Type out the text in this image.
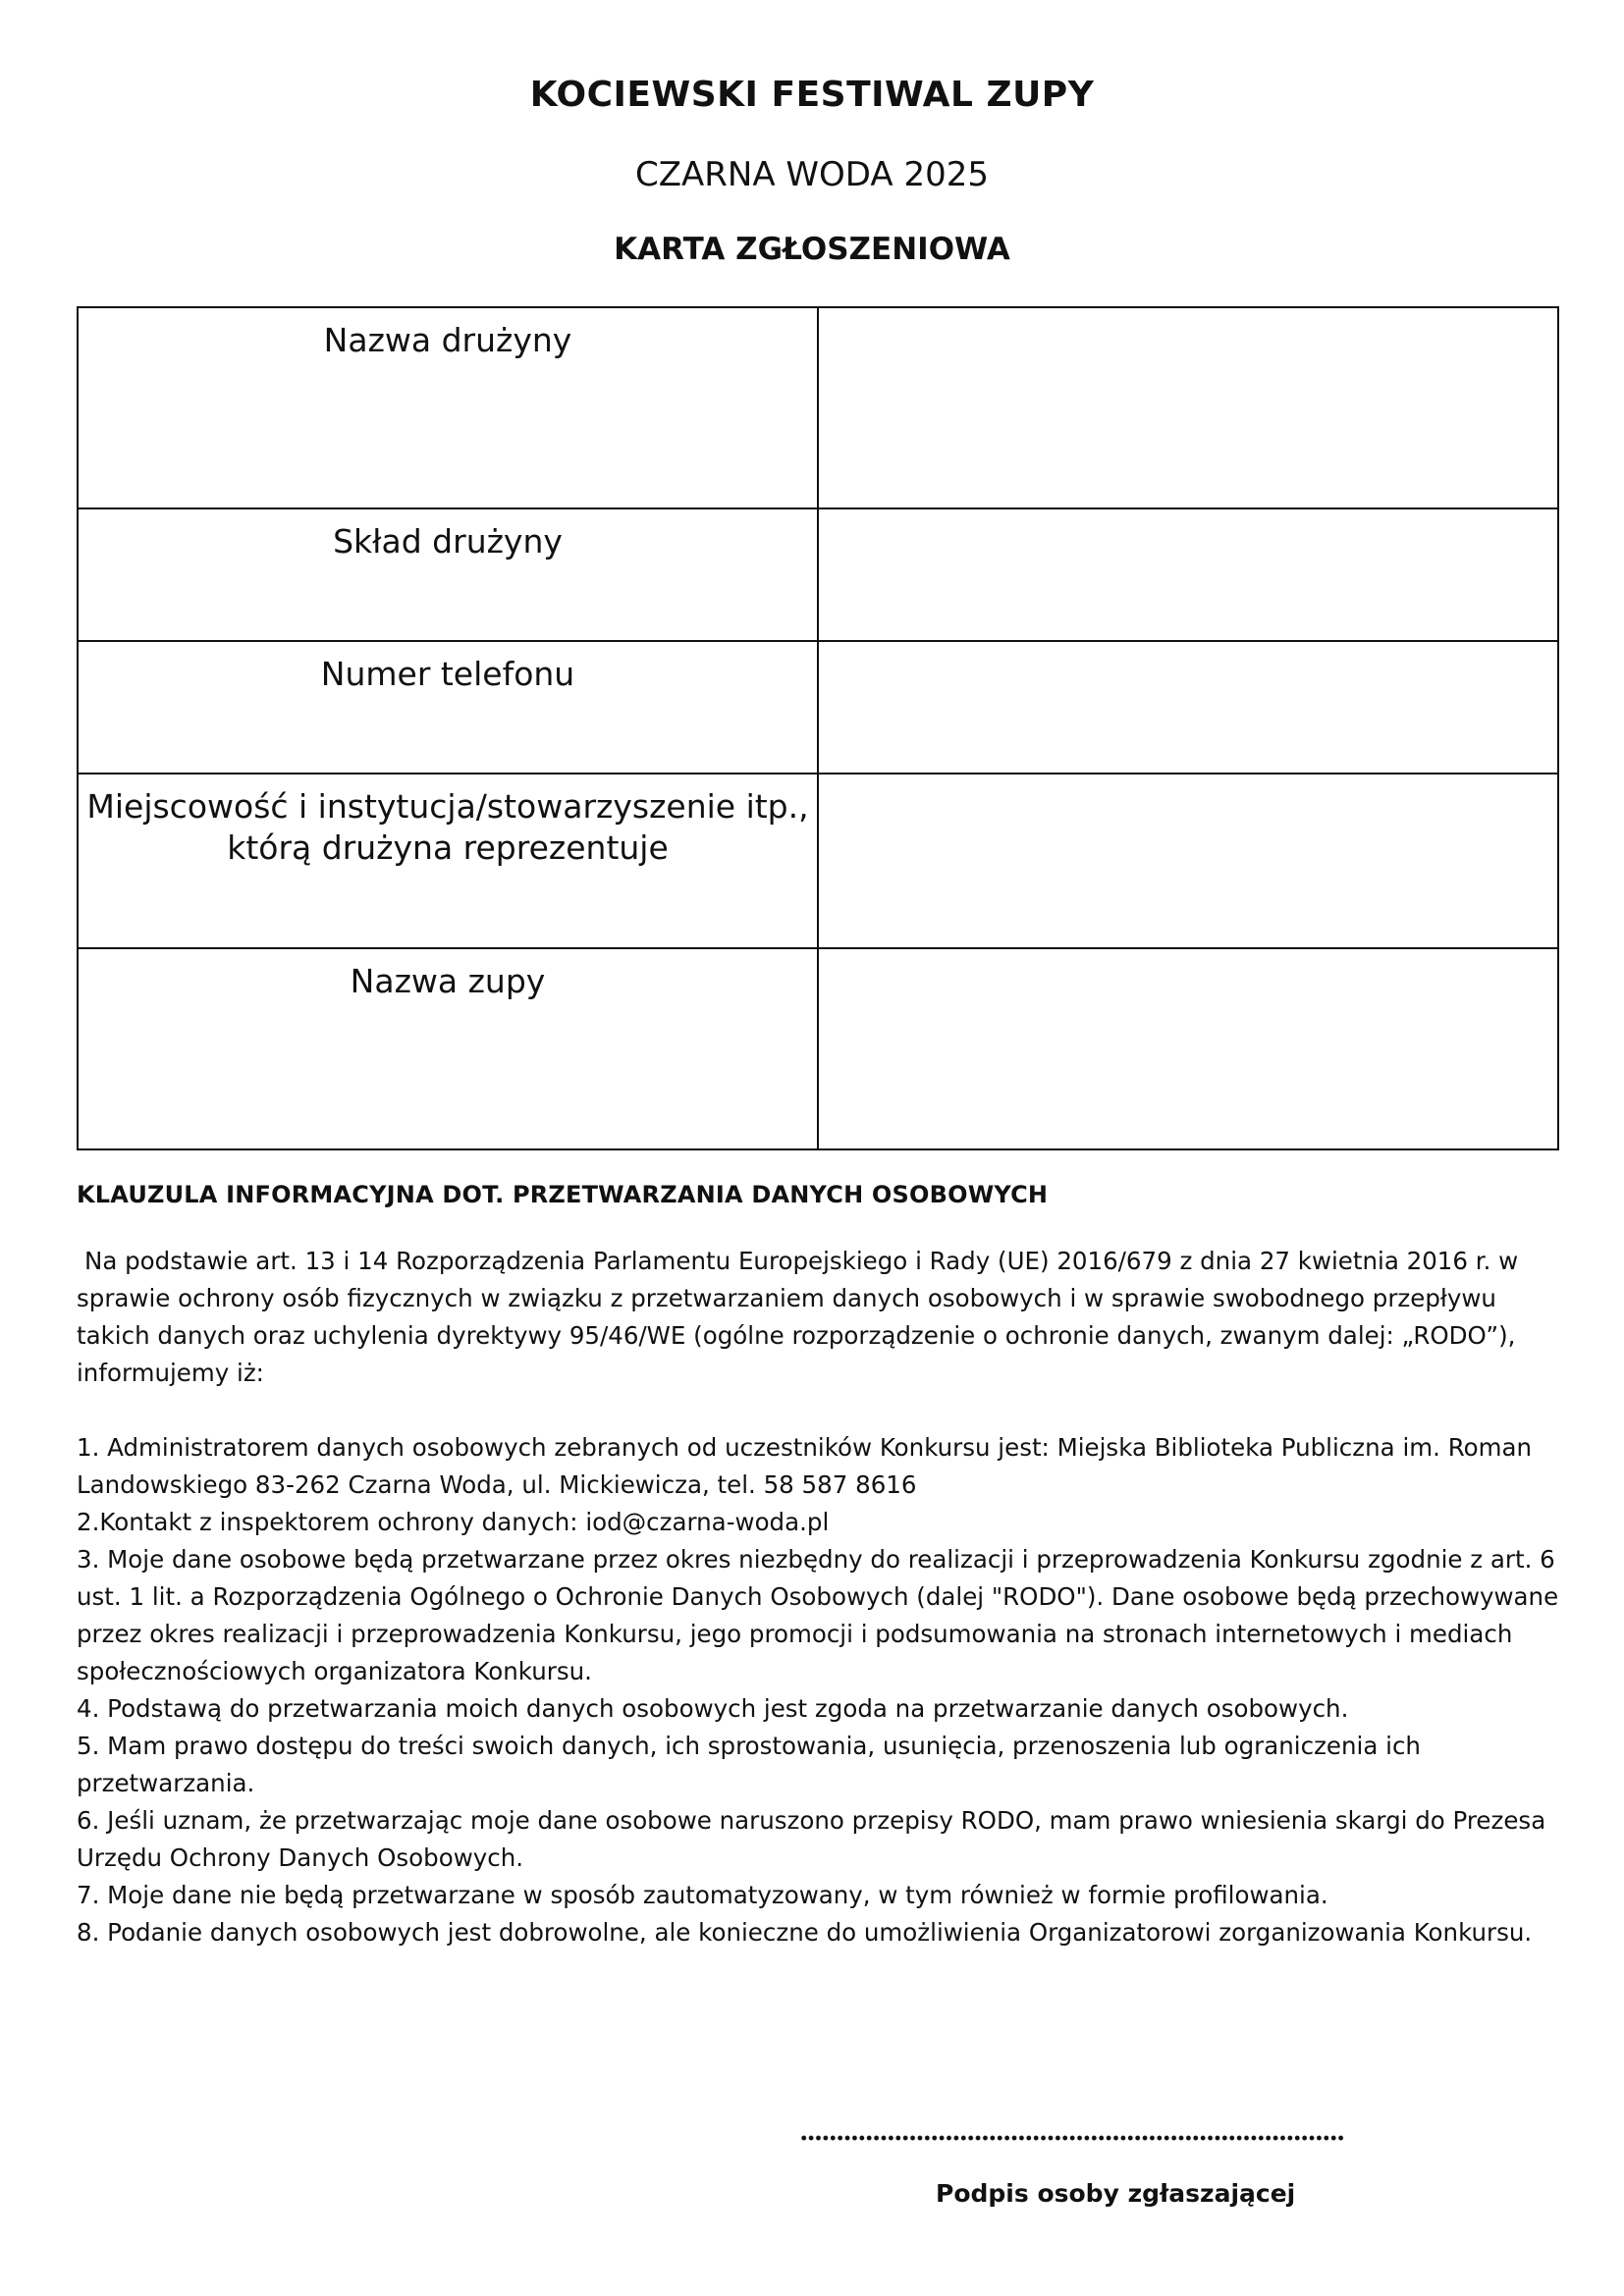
KOCIEWSKI FESTIWAL ZUPY
CZARNA WODA 2025
KARTA ZGŁOSZENIOWA
Nazwa drużyny	
Skład drużyny	
Numer telefonu	
Miejscowość i instytucja/stowarzyszenie itp., którą drużyna reprezentuje	
Nazwa zupy	
KLAUZULA INFORMACYJNA DOT. PRZETWARZANIA DANYCH OSOBOWYCH

Na podstawie art. 13 i 14 Rozporządzenia Parlamentu Europejskiego i Rady (UE) 2016/679 z dnia 27 kwietnia 2016 r. w sprawie ochrony osób fizycznych w związku z przetwarzaniem danych osobowych i w sprawie swobodnego przepływu takich danych oraz uchylenia dyrektywy 95/46/WE (ogólne rozporządzenie o ochronie danych, zwanym dalej: „RODO”), informujemy iż:

1. Administratorem danych osobowych zebranych od uczestników Konkursu jest: Miejska Biblioteka Publiczna im. Roman Landowskiego 83-262 Czarna Woda, ul. Mickiewicza, tel. 58 587 8616

2.Kontakt z inspektorem ochrony danych: iod@czarna-woda.pl

3. Moje dane osobowe będą przetwarzane przez okres niezbędny do realizacji i przeprowadzenia Konkursu zgodnie z art. 6 ust. 1 lit. a Rozporządzenia Ogólnego o Ochronie Danych Osobowych (dalej "RODO"). Dane osobowe będą przechowywane przez okres realizacji i przeprowadzenia Konkursu, jego promocji i podsumowania na stronach internetowych i mediach społecznościowych organizatora Konkursu.

4. Podstawą do przetwarzania moich danych osobowych jest zgoda na przetwarzanie danych osobowych.

5. Mam prawo dostępu do treści swoich danych, ich sprostowania, usunięcia, przenoszenia lub ograniczenia ich przetwarzania.

6. Jeśli uznam, że przetwarzając moje dane osobowe naruszono przepisy RODO, mam prawo wniesienia skargi do Prezesa Urzędu Ochrony Danych Osobowych.

7. Moje dane nie będą przetwarzane w sposób zautomatyzowany, w tym również w formie profilowania.

8. Podanie danych osobowych jest dobrowolne, ale konieczne do umożliwienia Organizatorowi zorganizowania Konkursu.

Podpis osoby zgłaszającej
